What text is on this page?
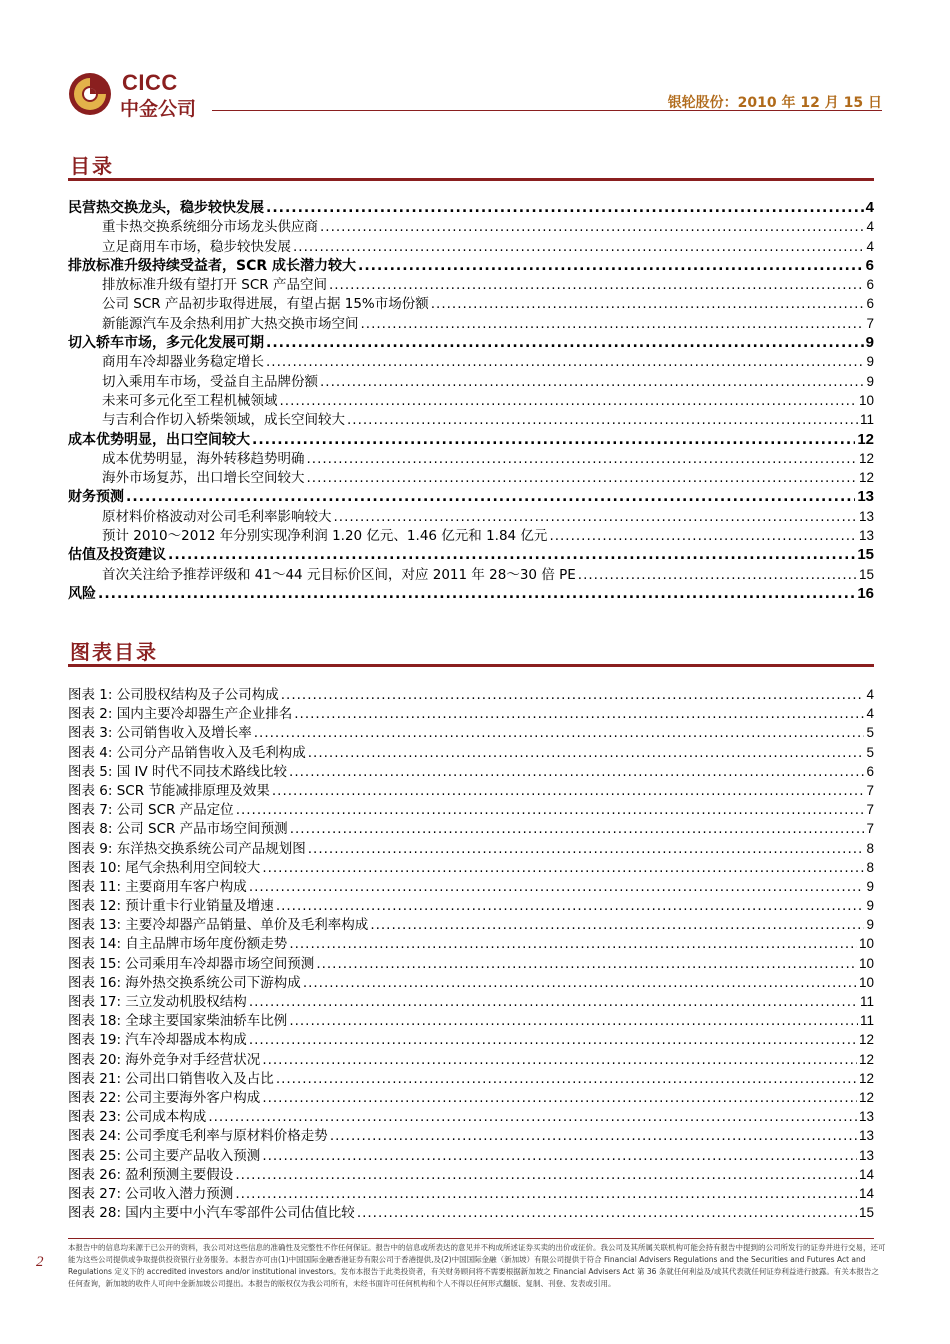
CICC
中金公司	银轮股份：2010 年 12 月 15 日
目录
民营热交换龙头，稳步较快发展 .....	4
重卡热交换系统细分市场龙头供应商 .....	4
立足商用车市场，稳步较快发展 .....	4
排放标准升级持续受益者，SCR 成长潜力较大 .....	6
排放标准升级有望打开 SCR 产品空间 .....	6
公司 SCR 产品初步取得进展，有望占据 15%市场份额 .....	6
新能源汽车及余热利用扩大热交换市场空间 .....	7
切入轿车市场，多元化发展可期 .....	9
商用车冷却器业务稳定增长 .....	9
切入乘用车市场，受益自主品牌份额 .....	9
未来可多元化至工程机械领域 .....	10
与吉利合作切入轿柴领域，成长空间较大 .....	11
成本优势明显，出口空间较大 .....	12
成本优势明显，海外转移趋势明确 .....	12
海外市场复苏，出口增长空间较大 .....	12
财务预测 .....	13
原材料价格波动对公司毛利率影响较大 .....	13
预计 2010～2012 年分别实现净利润 1.20 亿元、1.46 亿元和 1.84 亿元 .....	13
估值及投资建议 .....	15
首次关注给予推荐评级和 41～44 元目标价区间，对应 2011 年 28～30 倍 PE .....	15
风险 .....	16
图表目录
图表 1: 公司股权结构及子公司构成 .....	4
图表 2: 国内主要冷却器生产企业排名 .....	4
图表 3: 公司销售收入及增长率 .....	5
图表 4: 公司分产品销售收入及毛利构成 .....	5
图表 5: 国 IV 时代不同技术路线比较 .....	6
图表 6: SCR 节能减排原理及效果 .....	7
图表 7: 公司 SCR 产品定位 .....	7
图表 8: 公司 SCR 产品市场空间预测 .....	7
图表 9: 东洋热交换系统公司产品规划图 .....	8
图表 10: 尾气余热利用空间较大 .....	8
图表 11: 主要商用车客户构成 .....	9
图表 12: 预计重卡行业销量及增速 .....	9
图表 13: 主要冷却器产品销量、单价及毛利率构成 .....	9
图表 14: 自主品牌市场年度份额走势 .....	10
图表 15: 公司乘用车冷却器市场空间预测 .....	10
图表 16: 海外热交换系统公司下游构成 .....	10
图表 17: 三立发动机股权结构 .....	11
图表 18: 全球主要国家柴油轿车比例 .....	11
图表 19: 汽车冷却器成本构成 .....	12
图表 20: 海外竞争对手经营状况 .....	12
图表 21: 公司出口销售收入及占比 .....	12
图表 22: 公司主要海外客户构成 .....	12
图表 23: 公司成本构成 .....	13
图表 24: 公司季度毛利率与原材料价格走势 .....	13
图表 25: 公司主要产品收入预测 .....	13
图表 26: 盈利预测主要假设 .....	14
图表 27: 公司收入潜力预测 .....	14
图表 28: 国内主要中小汽车零部件公司估值比较 .....	15
2
本报告中的信息均来源于已公开的资料，我公司对这些信息的准确性及完整性不作任何保证。报告中的信息或所表达的意见并不构成所述证券买卖的出价或征价。我公司及其所属关联机构可能会持有报告中提到的公司所发行的证券并进行交易，还可能为这些公司提供或争取提供投资银行业务服务。本报告亦可由(1)中国国际金融香港证券有限公司于香港提供,及(2)中国国际金融（新加坡）有限公司提供于符合 Financial Advisers Regulations and the Securities and Futures Act and Regulations 定义下的 accredited investors and/or institutional investors。发布本报告于此类投资者，有关财务顾问将不需要根据新加坡之 Financial Advisers Act 第 36 条就任何利益及/或其代表就任何证券利益进行披露。有关本报告之任何查询，新加坡的收件人可向中金新加坡公司提出。本报告的版权仅为我公司所有，未经书面许可任何机构和个人不得以任何形式翻版、复制、刊登、发表或引用。
